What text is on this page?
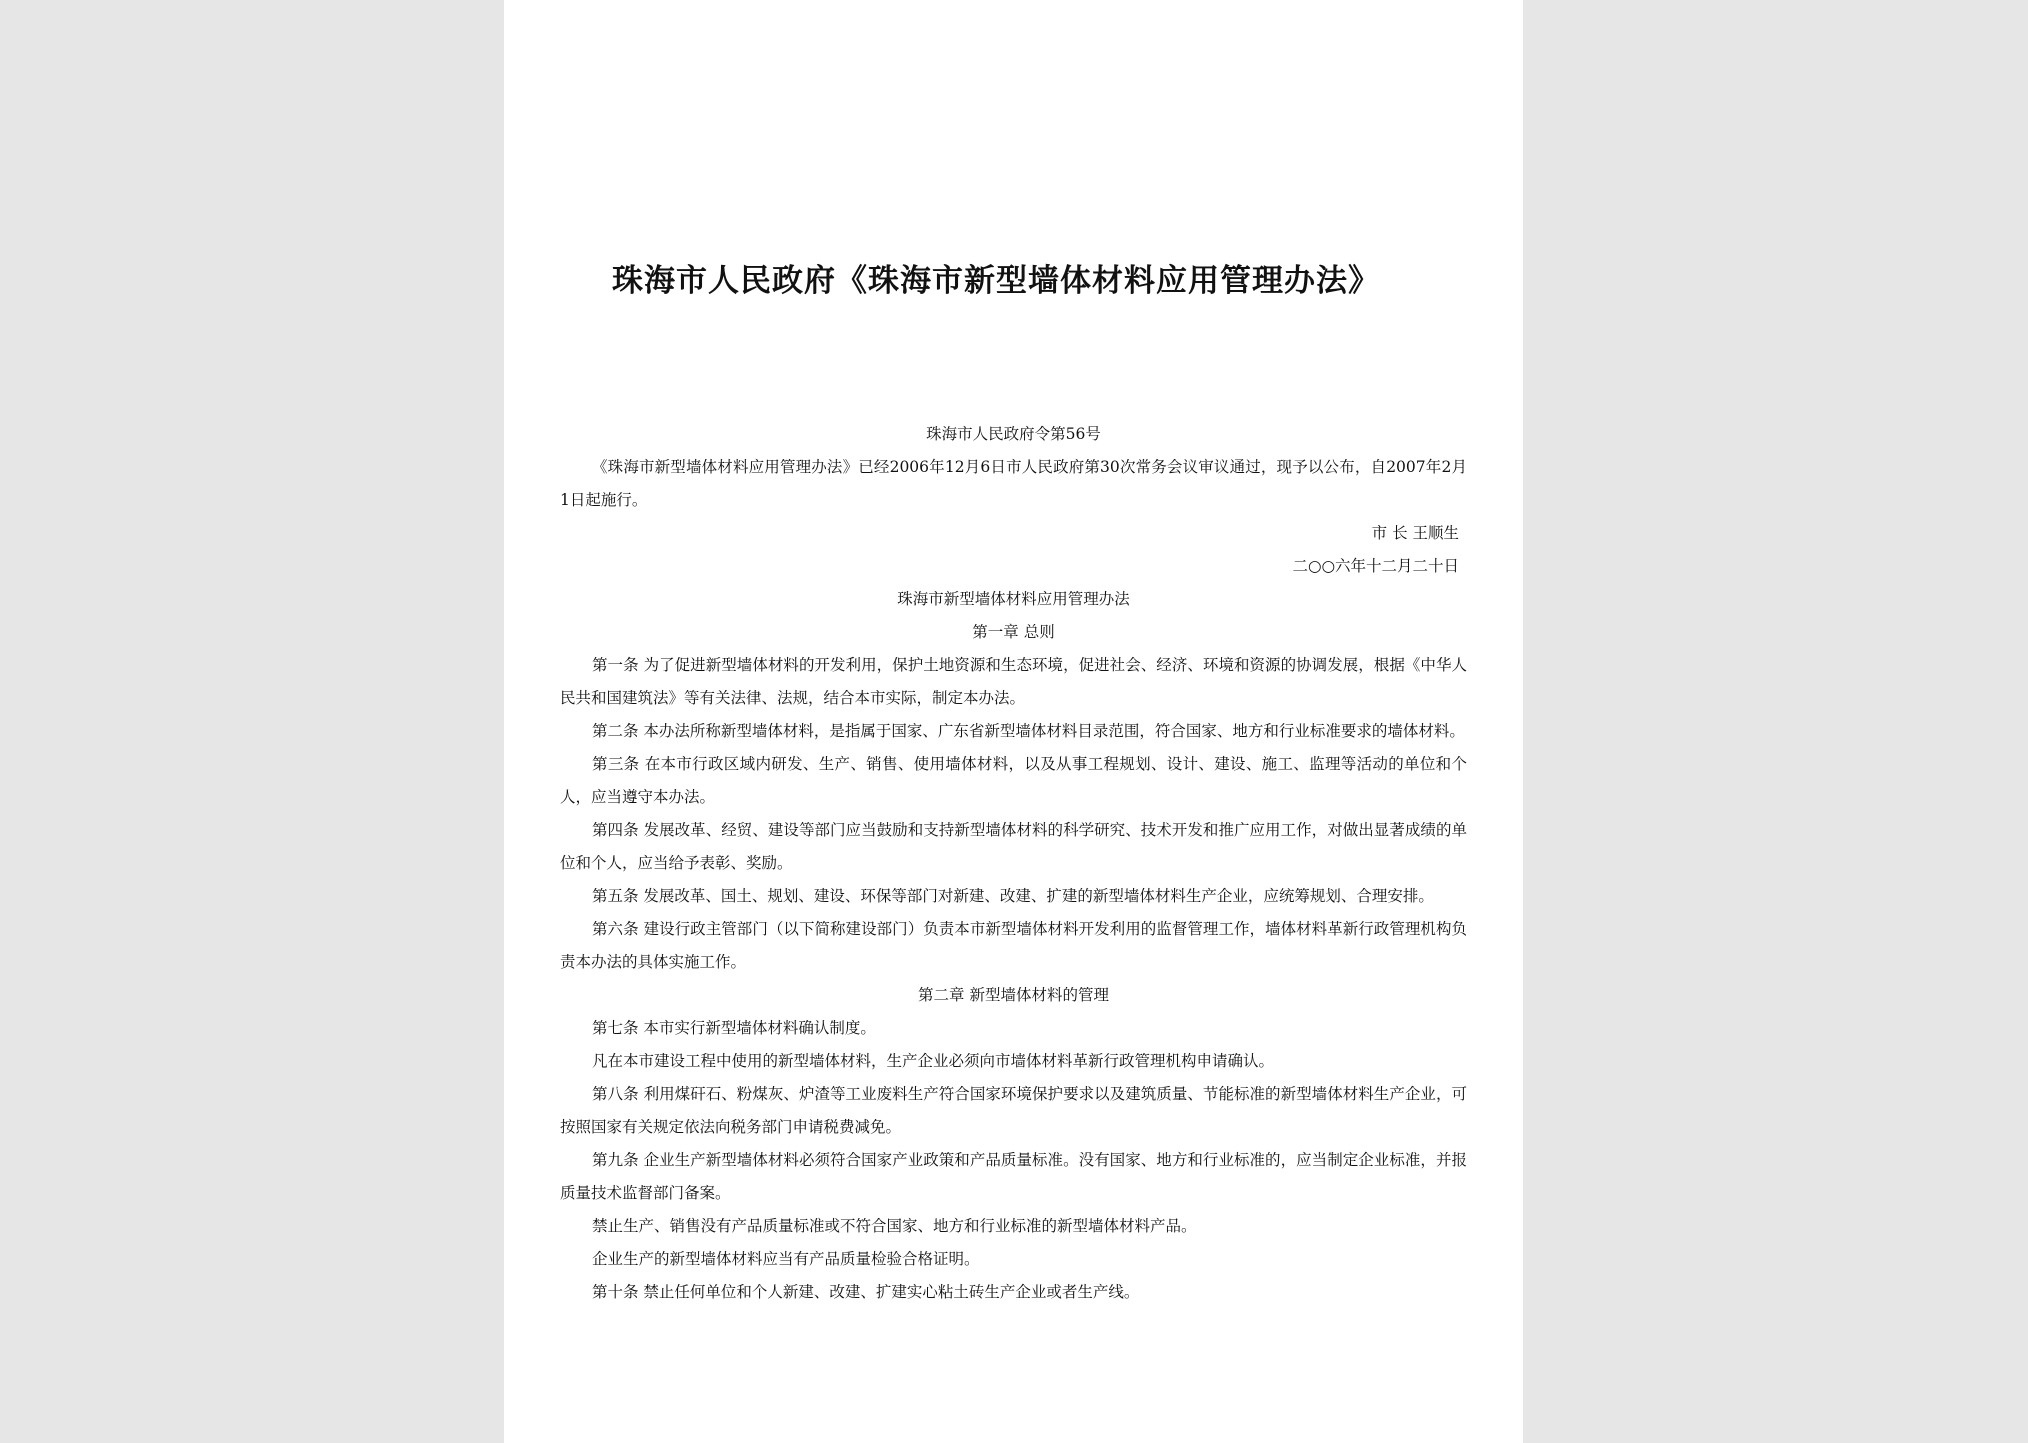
珠海市人民政府《珠海市新型墙体材料应用管理办法》

珠海市人民政府令第56号

《珠海市新型墙体材料应用管理办法》已经2006年12月6日市人民政府第30次常务会议审议通过，现予以公布，自2007年2月1日起施行。

市 长 王顺生

二○○六年十二月二十日

珠海市新型墙体材料应用管理办法

第一章 总则

第一条 为了促进新型墙体材料的开发利用，保护土地资源和生态环境，促进社会、经济、环境和资源的协调发展，根据《中华人民共和国建筑法》等有关法律、法规，结合本市实际，制定本办法。

第二条 本办法所称新型墙体材料，是指属于国家、广东省新型墙体材料目录范围，符合国家、地方和行业标准要求的墙体材料。

第三条 在本市行政区域内研发、生产、销售、使用墙体材料，以及从事工程规划、设计、建设、施工、监理等活动的单位和个人，应当遵守本办法。

第四条 发展改革、经贸、建设等部门应当鼓励和支持新型墙体材料的科学研究、技术开发和推广应用工作，对做出显著成绩的单位和个人，应当给予表彰、奖励。

第五条 发展改革、国土、规划、建设、环保等部门对新建、改建、扩建的新型墙体材料生产企业，应统筹规划、合理安排。

第六条 建设行政主管部门（以下简称建设部门）负责本市新型墙体材料开发利用的监督管理工作，墙体材料革新行政管理机构负责本办法的具体实施工作。

第二章 新型墙体材料的管理

第七条 本市实行新型墙体材料确认制度。

凡在本市建设工程中使用的新型墙体材料，生产企业必须向市墙体材料革新行政管理机构申请确认。

第八条 利用煤矸石、粉煤灰、炉渣等工业废料生产符合国家环境保护要求以及建筑质量、节能标准的新型墙体材料生产企业，可按照国家有关规定依法向税务部门申请税费减免。

第九条 企业生产新型墙体材料必须符合国家产业政策和产品质量标准。没有国家、地方和行业标准的，应当制定企业标准，并报质量技术监督部门备案。

禁止生产、销售没有产品质量标准或不符合国家、地方和行业标准的新型墙体材料产品。

企业生产的新型墙体材料应当有产品质量检验合格证明。

第十条 禁止任何单位和个人新建、改建、扩建实心粘土砖生产企业或者生产线。
